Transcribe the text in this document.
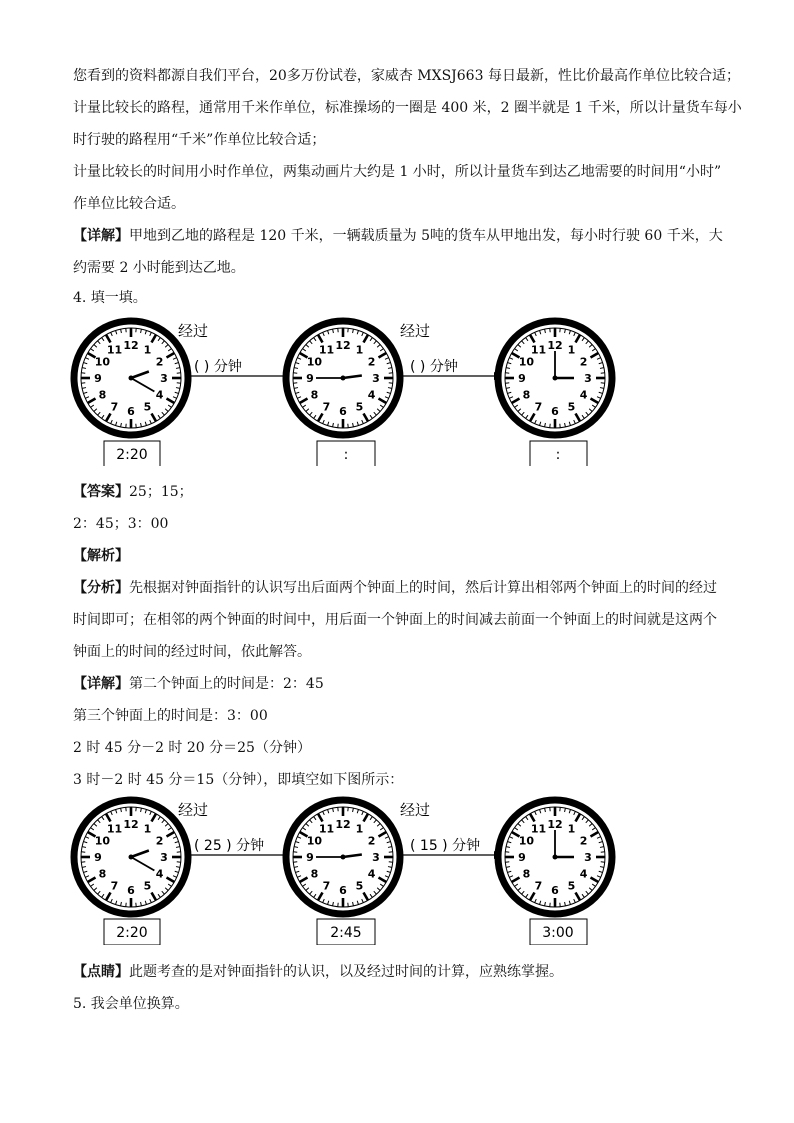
您看到的资料都源自我们平台，20多万份试卷，家威杏 MXSJ663 每日最新，性比价最高作单位比较合适；
计量比较长的路程，通常用千米作单位，标准操场的一圈是 400 米，2 圈半就是 1 千米，所以计量货车每小
时行驶的路程用“千米”作单位比较合适；
计量比较长的时间用小时作单位，两集动画片大约是 1 小时，所以计量货车到达乙地需要的时间用“小时”
作单位比较合适。
【详解】甲地到乙地的路程是 120 千米，一辆载质量为 5吨的货车从甲地出发，每小时行驶 60 千米，大
约需要 2 小时能到达乙地。
4. 填一填。
经过	经过
( ) 分钟	( ) 分钟
1
2
3
4
5
6
7
8
9
10
11 12	1
2
3
4
5
6
7
8
9
10
11 12	1
2
3
4
5
6
7
8
9
10
11 12
2:20	:	:
【答案】25；15；
2：45；3：00
【解析】
【分析】先根据对钟面指针的认识写出后面两个钟面上的时间，然后计算出相邻两个钟面上的时间的经过
时间即可；在相邻的两个钟面的时间中，用后面一个钟面上的时间减去前面一个钟面上的时间就是这两个
钟面上的时间的经过时间，依此解答。
【详解】第二个钟面上的时间是：2：45
第三个钟面上的时间是：3：00
2 时 45 分－2 时 20 分＝25（分钟）
3 时－2 时 45 分＝15（分钟），即填空如下图所示：
经过	经过
( 25 ) 分钟	( 15 ) 分钟
1
2
3
4
5
6
7
8
9
10
11 12	1
2
3
4
5
6
7
8
9
10
11 12	1
2
3
4
5
6
7
8
9
10
11 12
2:20	2:45	3:00
【点睛】此题考查的是对钟面指针的认识，以及经过时间的计算，应熟练掌握。
5. 我会单位换算。
